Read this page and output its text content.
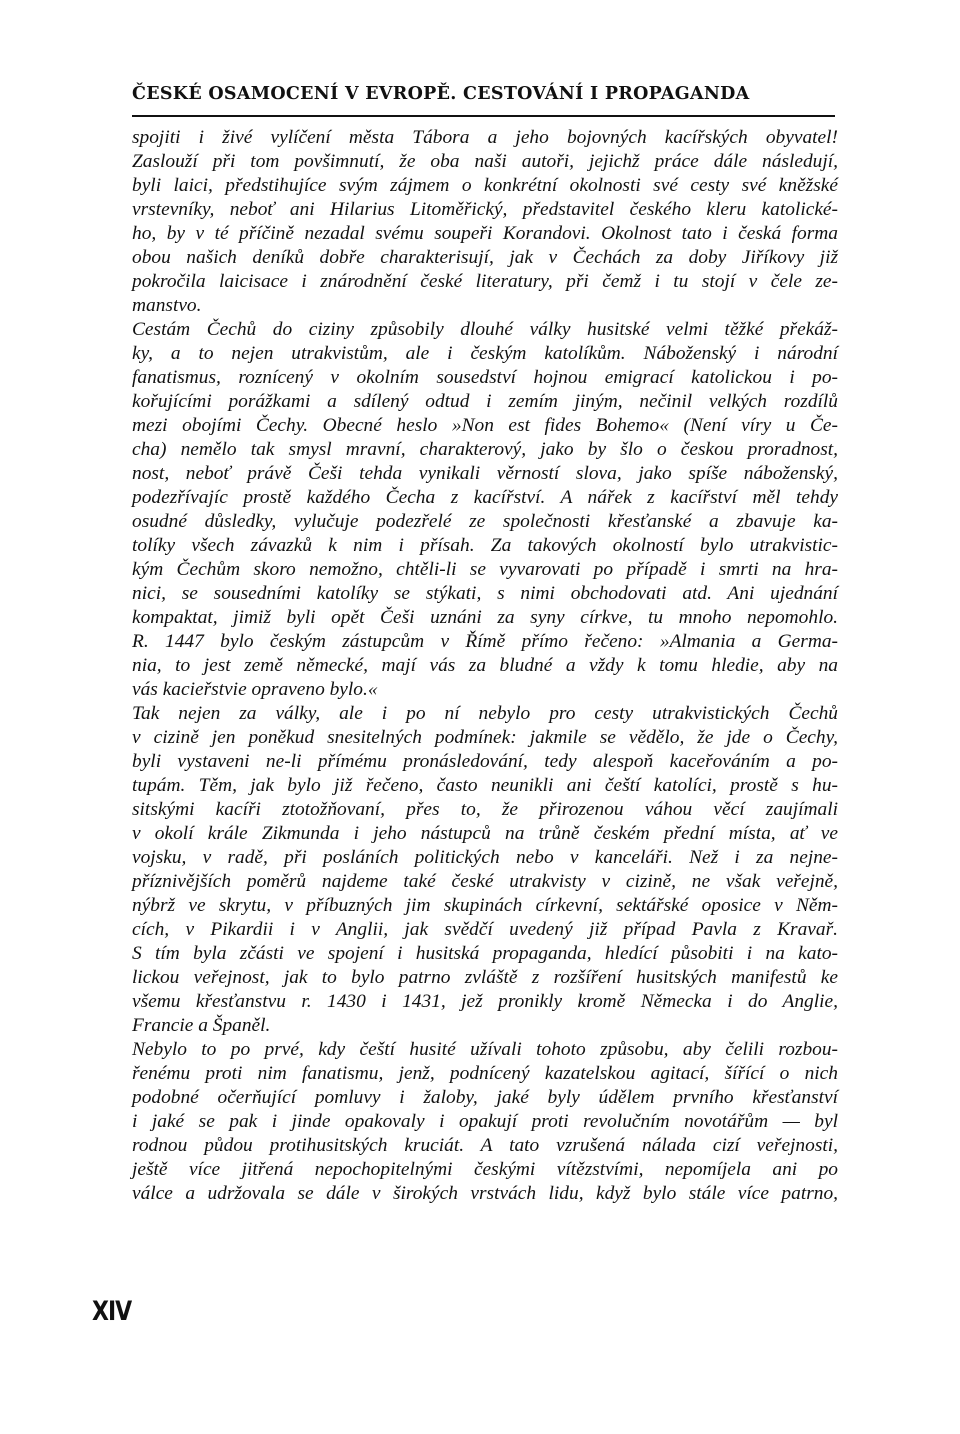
ČESKÉ OSAMOCENÍ V EVROPĚ. CESTOVÁNÍ I PROPAGANDA
spojiti i živé vylíčení města Tábora a jeho bojovných kacířských obyvatel!
Zaslouží při tom povšimnutí, že oba naši autoři, jejichž práce dále následují,
byli laici, předstihujíce svým zájmem o konkrétní okolnosti své cesty své kněžské
vrstevníky, neboť ani Hilarius Litoměřický, představitel českého kleru katolické-
ho, by v té příčině nezadal svému soupeři Korandovi. Okolnost tato i česká forma
obou našich deníků dobře charakterisují, jak v Čechách za doby Jiříkovy již
pokročila laicisace i znárodnění české literatury, při čemž i tu stojí v čele ze-
manstvo.
Cestám Čechů do ciziny způsobily dlouhé války husitské velmi těžké překáž-
ky, a to nejen utrakvistům, ale i českým katolíkům. Náboženský i národní
fanatismus, roznícený v okolním sousedství hojnou emigrací katolickou i po-
kořujícími porážkami a sdílený odtud i zemím jiným, nečinil velkých rozdílů
mezi obojími Čechy. Obecné heslo »Non est fides Bohemo« (Není víry u Če-
cha) nemělo tak smysl mravní, charakterový, jako by šlo o českou proradnost,
nost, neboť právě Češi tehda vynikali věrností slova, jako spíše náboženský,
podezřívajíc prostě každého Čecha z kacířství. A nářek z kacířství měl tehdy
osudné důsledky, vylučuje podezřelé ze společnosti křesťanské a zbavuje ka-
tolíky všech závazků k nim i přísah. Za takových okolností bylo utrakvistic-
kým Čechům skoro nemožno, chtěli-li se vyvarovati po případě i smrti na hra-
nici, se sousedními katolíky se stýkati, s nimi obchodovati atd. Ani ujednání
kompaktat, jimiž byli opět Češi uznáni za syny církve, tu mnoho nepomohlo.
R. 1447 bylo českým zástupcům v Římě přímo řečeno: »Almania a Germa-
nia, to jest země německé, mají vás za bludné a vždy k tomu hledie, aby na
vás kacieřstvie opraveno bylo.«
Tak nejen za války, ale i po ní nebylo pro cesty utrakvistických Čechů
v cizině jen poněkud snesitelných podmínek: jakmile se vědělo, že jde o Čechy,
byli vystaveni ne-li přímému pronásledování, tedy alespoň kaceřováním a po-
tupám. Těm, jak bylo již řečeno, často neunikli ani čeští katolíci, prostě s hu-
sitskými kacíři ztotožňovaní, přes to, že přirozenou váhou věcí zaujímali
v okolí krále Zikmunda i jeho nástupců na trůně českém přední místa, ať ve
vojsku, v radě, při posláních politických nebo v kanceláři. Než i za nejne-
příznivějších poměrů najdeme také české utrakvisty v cizině, ne však veřejně,
nýbrž ve skrytu, v příbuzných jim skupinách církevní, sektářské oposice v Něm-
cích, v Pikardii i v Anglii, jak svědčí uvedený již případ Pavla z Kravař.
S tím byla zčásti ve spojení i husitská propaganda, hledící působiti i na kato-
lickou veřejnost, jak to bylo patrno zvláště z rozšíření husitských manifestů ke
všemu křesťanstvu r. 1430 i 1431, jež pronikly kromě Německa i do Anglie,
Francie a Španěl.
Nebylo to po prvé, kdy čeští husité užívali tohoto způsobu, aby čelili rozbou-
řenému proti nim fanatismu, jenž, podnícený kazatelskou agitací, šířící o nich
podobné očerňující pomluvy i žaloby, jaké byly údělem prvního křesťanství
i jaké se pak i jinde opakovaly i opakují proti revolučním novotářům — byl
rodnou půdou protihusitských kruciát. A tato vzrušená nálada cizí veřejnosti,
ještě více jitřená nepochopitelnými českými vítězstvími, nepomíjela ani po
válce a udržovala se dále v širokých vrstvách lidu, když bylo stále více patrno,
XIV
